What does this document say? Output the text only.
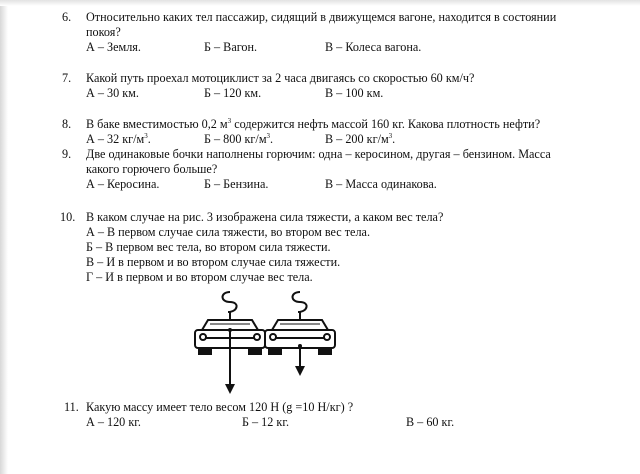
6. Относительно каких тел пассажир, сидящий в движущемся вагоне, находится в состоянии
покоя?
А – Земля.	Б – Вагон.	В – Колеса вагона.
7. Какой путь проехал мотоциклист за 2 часа двигаясь со скоростью 60 км/ч?
А – 30 км.	Б – 120 км.	В – 100 км.
8. В баке вместимостью 0,2 $м^3$ содержится нефть массой 160 кг. Какова плотность нефти?
А – 32 $кг/м^3$.	Б – 800 $кг/м^3$.	В – 200 $кг/м^3$.
9. Две одинаковые бочки наполнены горючим: одна – керосином, другая – бензином. Масса
какого горючего больше?
А – Керосина.	Б – Бензина.	В – Масса одинакова.
10. В каком случае на рис. 3 изображена сила тяжести, а каком вес тела?
А – В первом случае сила тяжести, во втором вес тела.
Б – В первом вес тела, во втором сила тяжести.
В – И в первом и во втором случае сила тяжести.
Г – И в первом и во втором случае вес тела.
11. Какую массу имеет тело весом 120 Н (g =10 Н/кг) ?
А – 120 кг.	Б – 12 кг.	В – 60 кг.
